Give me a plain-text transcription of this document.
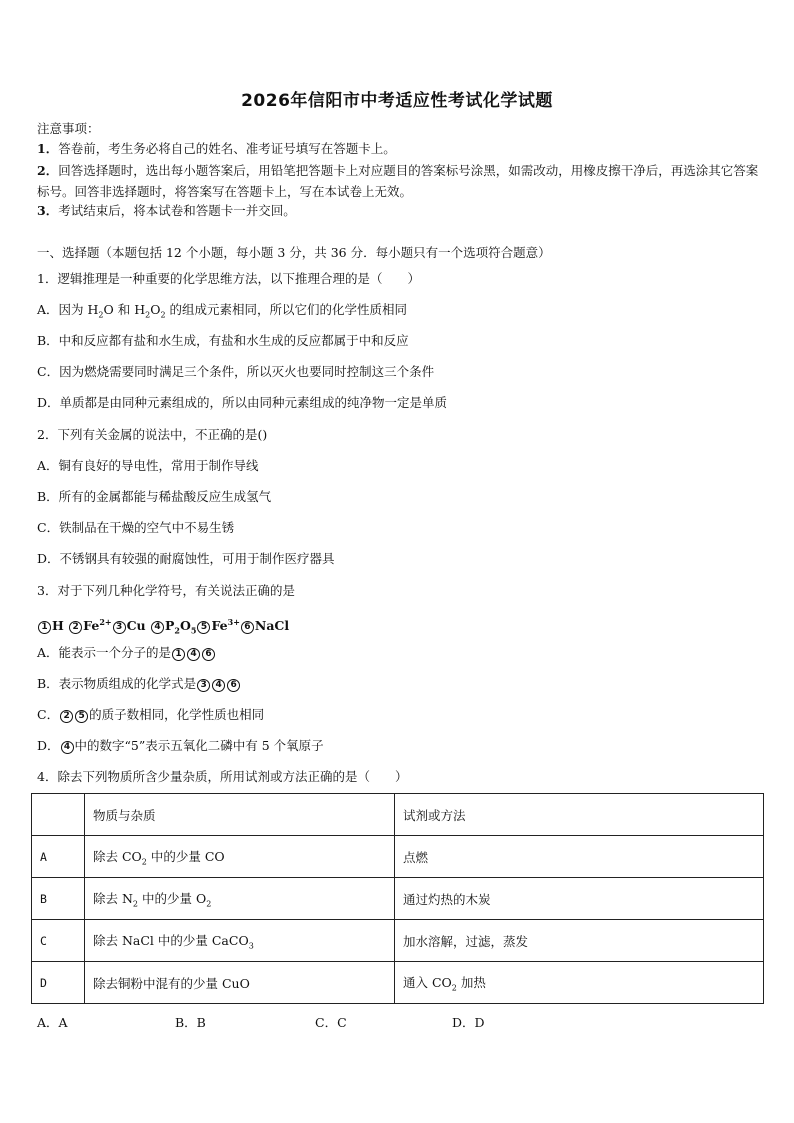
2026年信阳市中考适应性考试化学试题
注意事项：
1．答卷前，考生务必将自己的姓名、准考证号填写在答题卡上。
2．回答选择题时，选出每小题答案后，用铅笔把答题卡上对应题目的答案标号涂黑，如需改动，用橡皮擦干净后，再选涂其它答案标号。回答非选择题时，将答案写在答题卡上，写在本试卷上无效。
3．考试结束后，将本试卷和答题卡一并交回。
一、选择题（本题包括 12 个小题，每小题 3 分，共 36 分．每小题只有一个选项符合题意）
1．逻辑推理是一种重要的化学思维方法，以下推理合理的是（　　）
A．因为 $H_2O$ 和 $H_2O_2$ 的组成元素相同，所以它们的化学性质相同
B．中和反应都有盐和水生成，有盐和水生成的反应都属于中和反应
C．因为燃烧需要同时满足三个条件，所以灭火也要同时控制这三个条件
D．单质都是由同种元素组成的，所以由同种元素组成的纯净物一定是单质
2．下列有关金属的说法中，不正确的是()
A．铜有良好的导电性，常用于制作导线
B．所有的金属都能与稀盐酸反应生成氢气
C．铁制品在干燥的空气中不易生锈
D．不锈钢具有较强的耐腐蚀性，可用于制作医疗器具
3．对于下列几种化学符号，有关说法正确的是
1 H 2 $Fe^{2+}3$ Cu 4 $P_2O_5$ 5 $Fe^{3+}6$ NaCl
A．能表示一个分子的是 1 4 6
B．表示物质组成的化学式是 3 4 6
C． 2 5 的质子数相同，化学性质也相同
D． 4 中的数字“5”表示五氧化二磷中有 5 个氧原子
4．除去下列物质所含少量杂质，所用试剂或方法正确的是（　　）
	物质与杂质	试剂或方法
A	除去 $CO_2$ 中的少量 CO	点燃
B	除去 $N_2$ 中的少量 $O_2$	通过灼热的木炭
C	除去 NaCl 中的少量 CaCO$_3$	加水溶解，过滤，蒸发
D	除去铜粉中混有的少量 CuO	通入 $CO_2$ 加热
A．A	B．B	C．C	D．D
